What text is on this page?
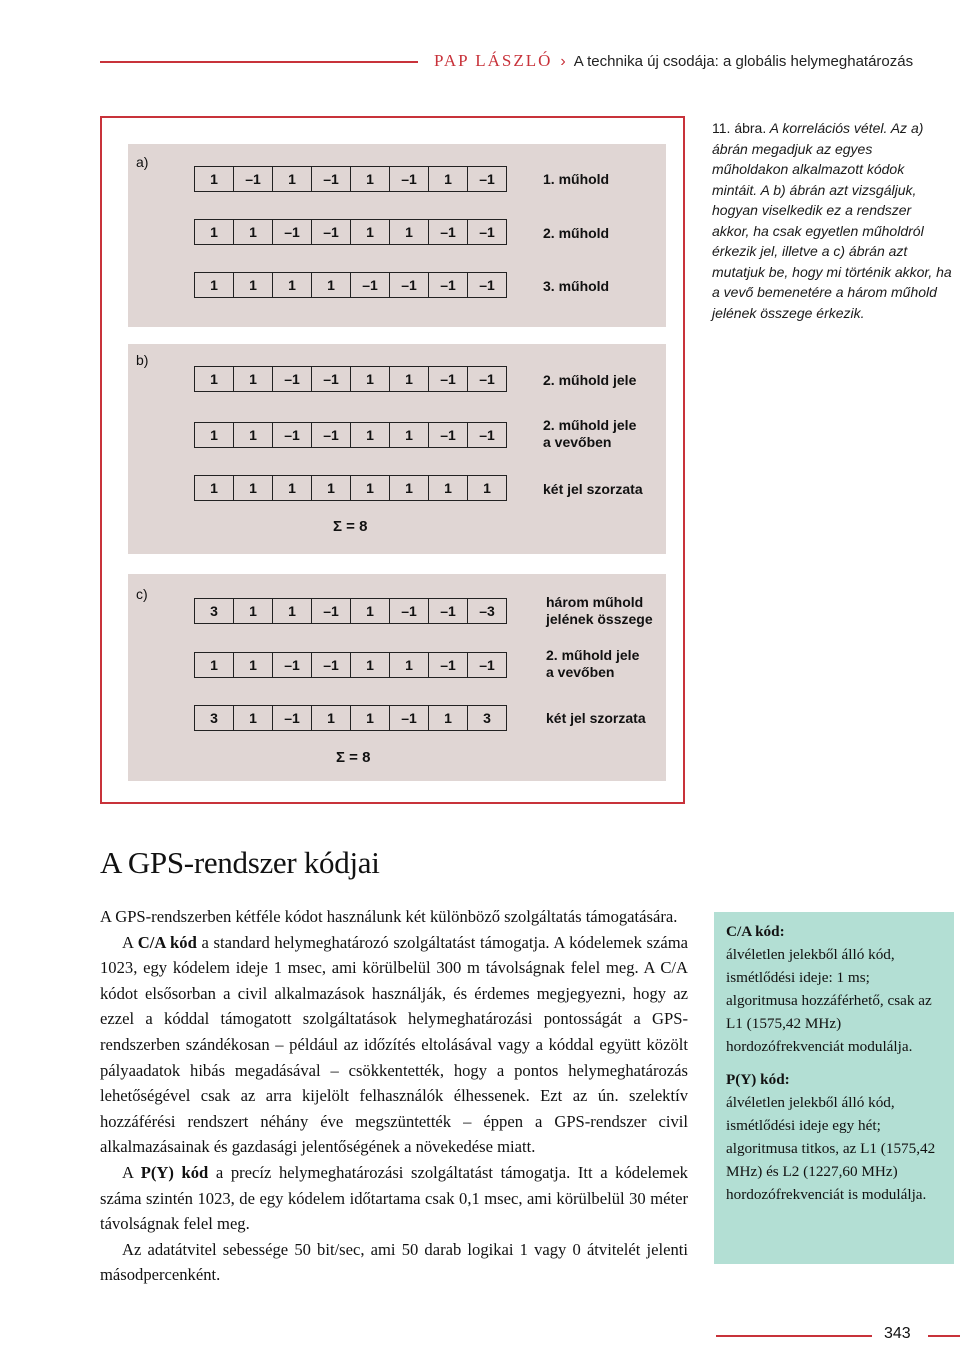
PAP LÁSZLÓ › A technika új csodája: a globális helymeghatározás
a)
1	–1	1	–1	1	–1	1	–1	1. műhold
1	1	–1	–1	1	1	–1	–1	2. műhold
1	1	1	1	–1	–1	–1	–1	3. műhold
b)
1	1	–1	–1	1	1	–1	–1	2. műhold jele
1	1	–1	–1	1	1	–1	–1
2. műhold jele
a vevőben
1	1	1	1	1	1	1	1	két jel szorzata
Σ = 8
c)
3	1	1	–1	1	–1	–1	–3
három műhold
jelének összege
1	1	–1	–1	1	1	–1	–1
2. műhold jele
a vevőben
3	1	–1	1	1	–1	1	3	két jel szorzata
Σ = 8
11. ábra. A korrelációs vétel. Az a) ábrán megadjuk az egyes műholdakon alkalmazott kódok mintáit. A b) ábrán azt vizsgáljuk, hogyan viselkedik ez a rendszer akkor, ha csak egyetlen műholdról érkezik jel, illetve a c) ábrán azt mutatjuk be, hogy mi történik akkor, ha a vevő bemenetére a három műhold jelének összege érkezik.
A GPS-rendszer kódjai

A GPS-rendszerben kétféle kódot használunk két különböző szolgáltatás támogatására.

A C/A kód a standard helymeghatározó szolgáltatást támogatja. A kódelemek száma 1023, egy kódelem ideje 1 msec, ami körülbelül 300 m távolságnak felel meg. A C/A kódot elsősorban a civil alkalmazások használják, és érdemes megjegyezni, hogy az ezzel a kóddal támogatott szolgáltatások helymeghatározási pontosságát a GPS-rendszerben szándékosan – például az időzítés eltolásával vagy a kóddal együtt közölt pályaadatok hibás megadásával – csökkentették, hogy a pontos helymeghatározás lehetőségével csak az arra kijelölt felhasználók élhessenek. Ezt az ún. szelektív hozzáférési rendszert néhány éve megszüntették – éppen a GPS-rendszer civil alkalmazásainak és gazdasági jelentőségének a növekedése miatt.

A P(Y) kód a precíz helymeghatározási szolgáltatást támogatja. Itt a kódelemek száma szintén 1023, de egy kódelem időtartama csak 0,1 msec, ami körülbelül 30 méter távolságnak felel meg.

Az adatátvitel sebessége 50 bit/sec, ami 50 darab logikai 1 vagy 0 átvitelét jelenti másodpercenként.

C/A kód:
álvéletlen jelekből álló kód, ismétlődési ideje: 1 ms; algoritmusa hozzáférhető, csak az L1 (1575,42 MHz) hordozófrekvenciát modulálja.
P(Y) kód:
álvéletlen jelekből álló kód, ismétlődési ideje egy hét; algoritmusa titkos, az L1 (1575,42 MHz) és L2 (1227,60 MHz) hordozófrekvenciát is modulálja.
343
